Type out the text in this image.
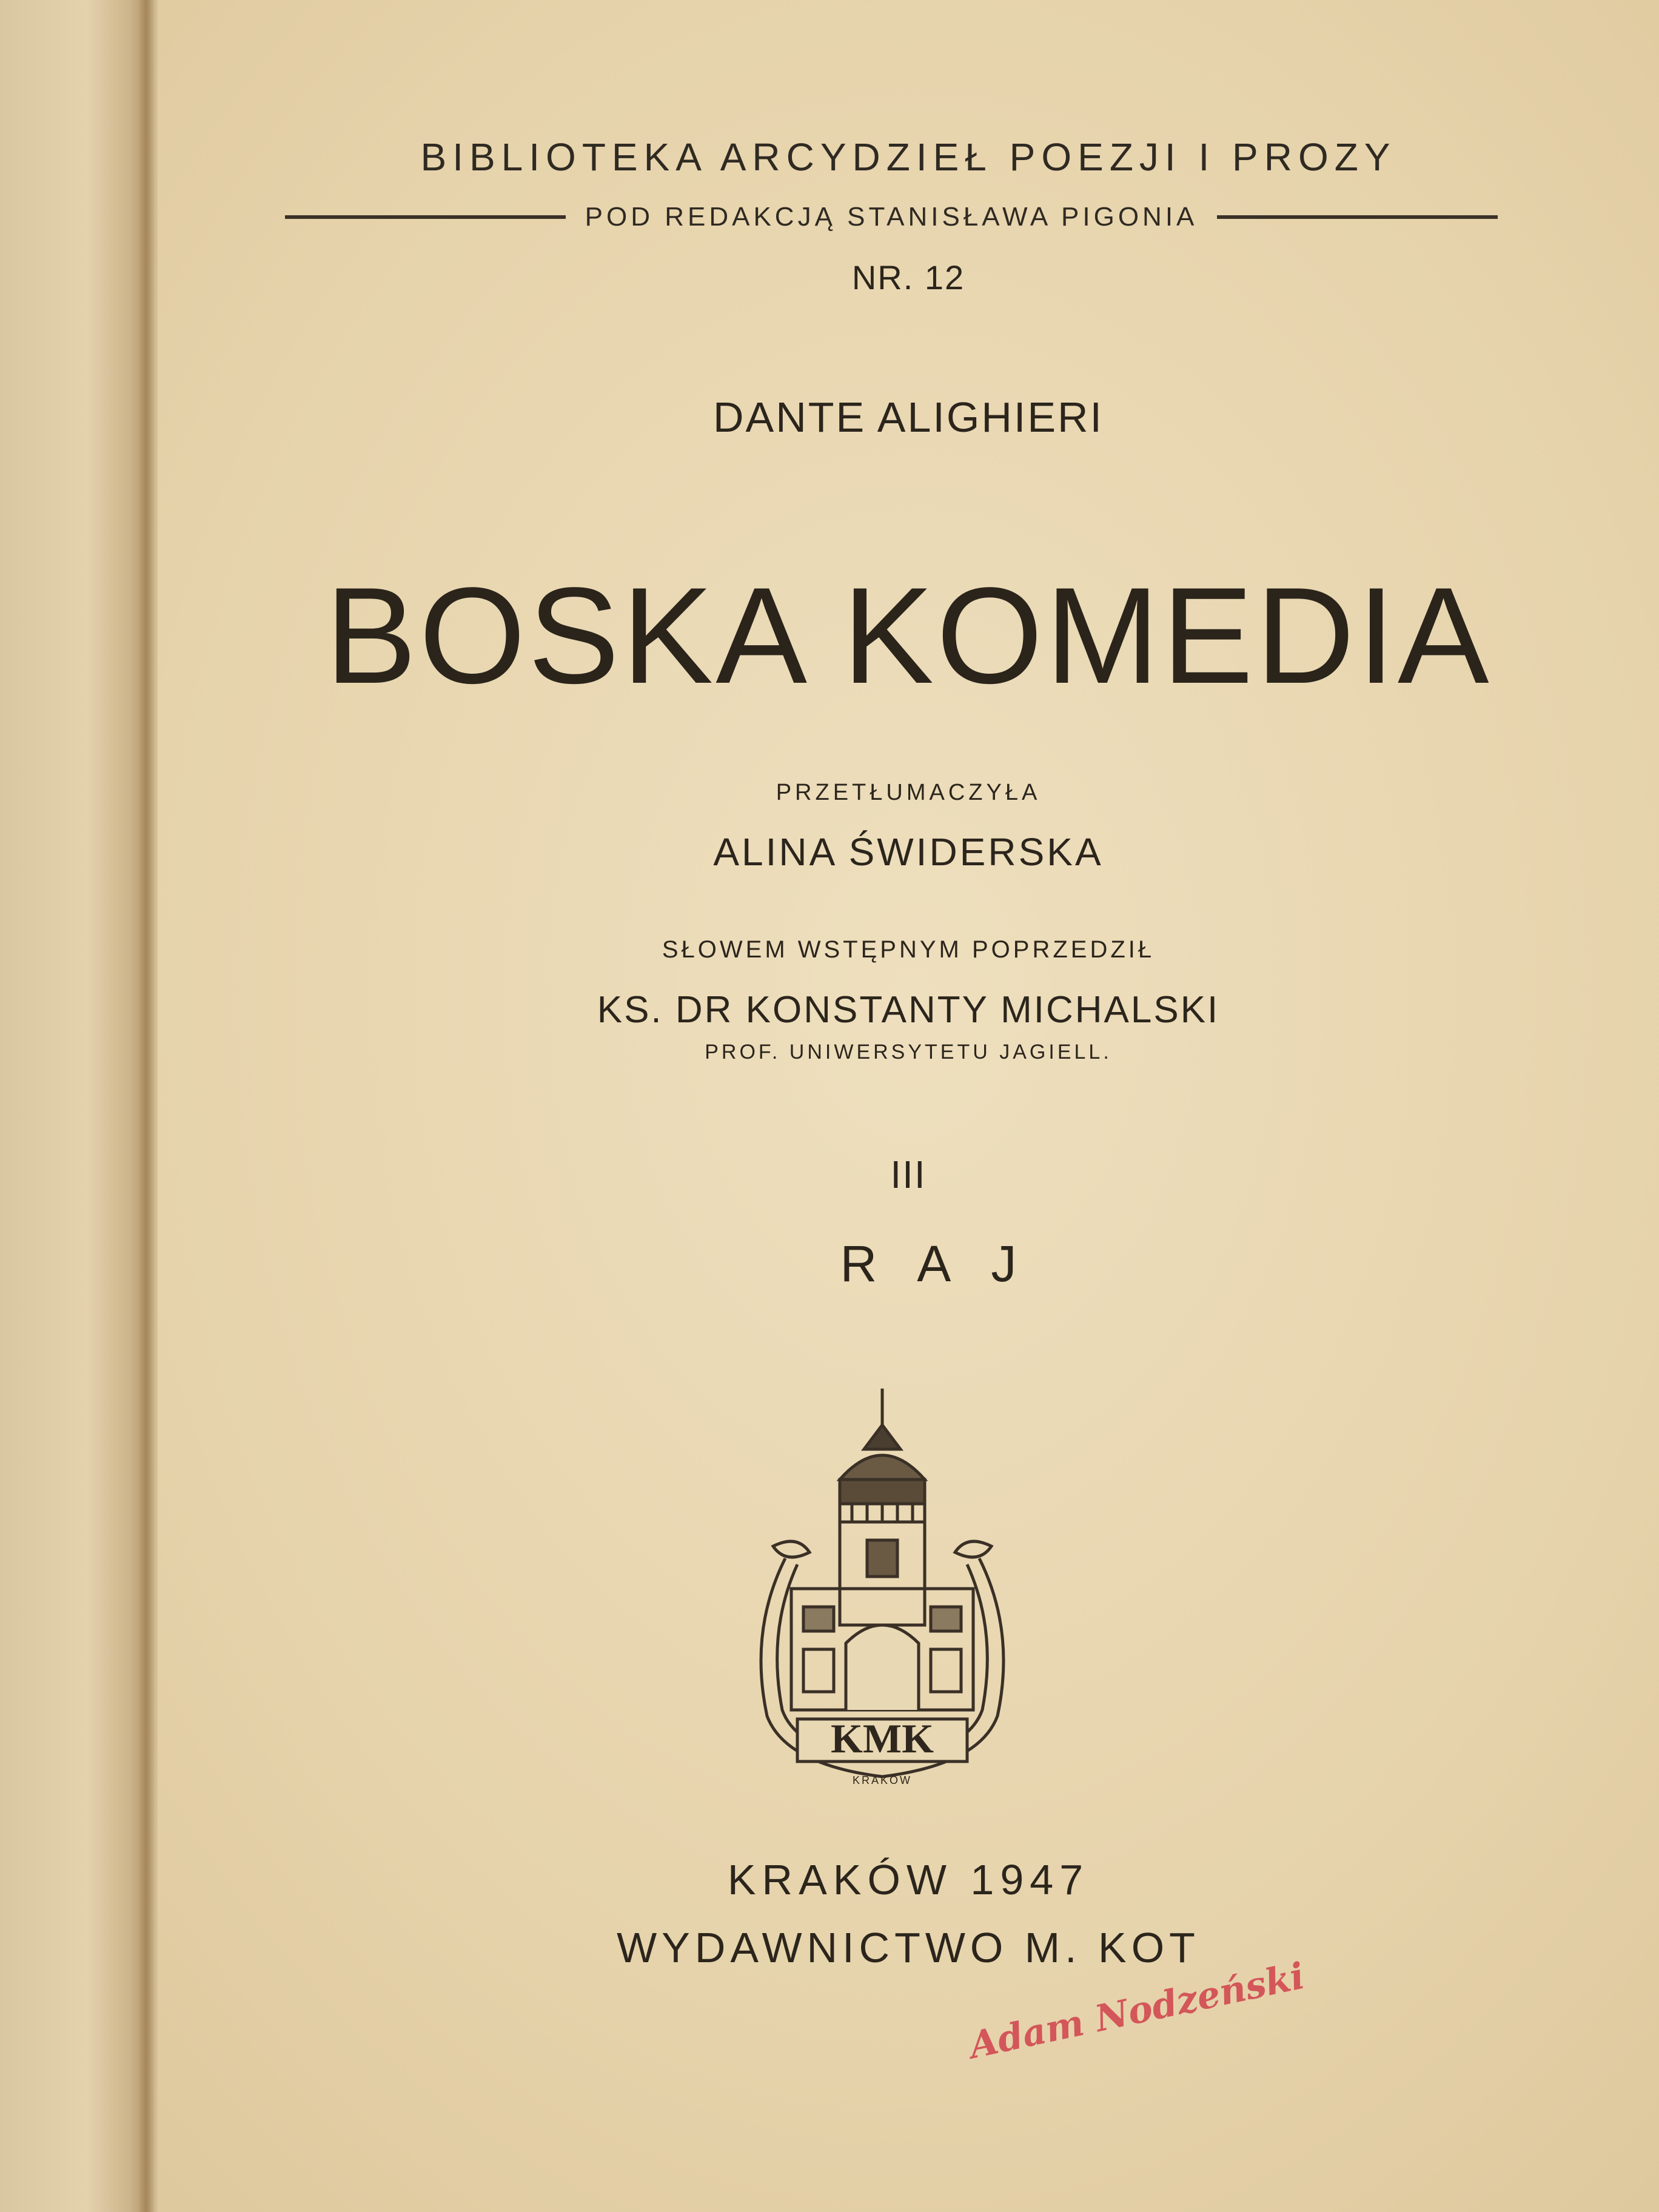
BIBLIOTEKA ARCYDZIEŁ POEZJI I PROZY
POD REDAKCJĄ STANISŁAWA PIGONIA
NR. 12
DANTE ALIGHIERI
BOSKA KOMEDIA
PRZETŁUMACZYŁA
ALINA ŚWIDERSKA
SŁOWEM WSTĘPNYM POPRZEDZIŁ
KS. DR KONSTANTY MICHALSKI
PROF. UNIWERSYTETU JAGIELL.
III
RAJ
KMK
KRAKÓW
KRAKÓW 1947
WYDAWNICTWO M. KOT
Adam Nodzeński
